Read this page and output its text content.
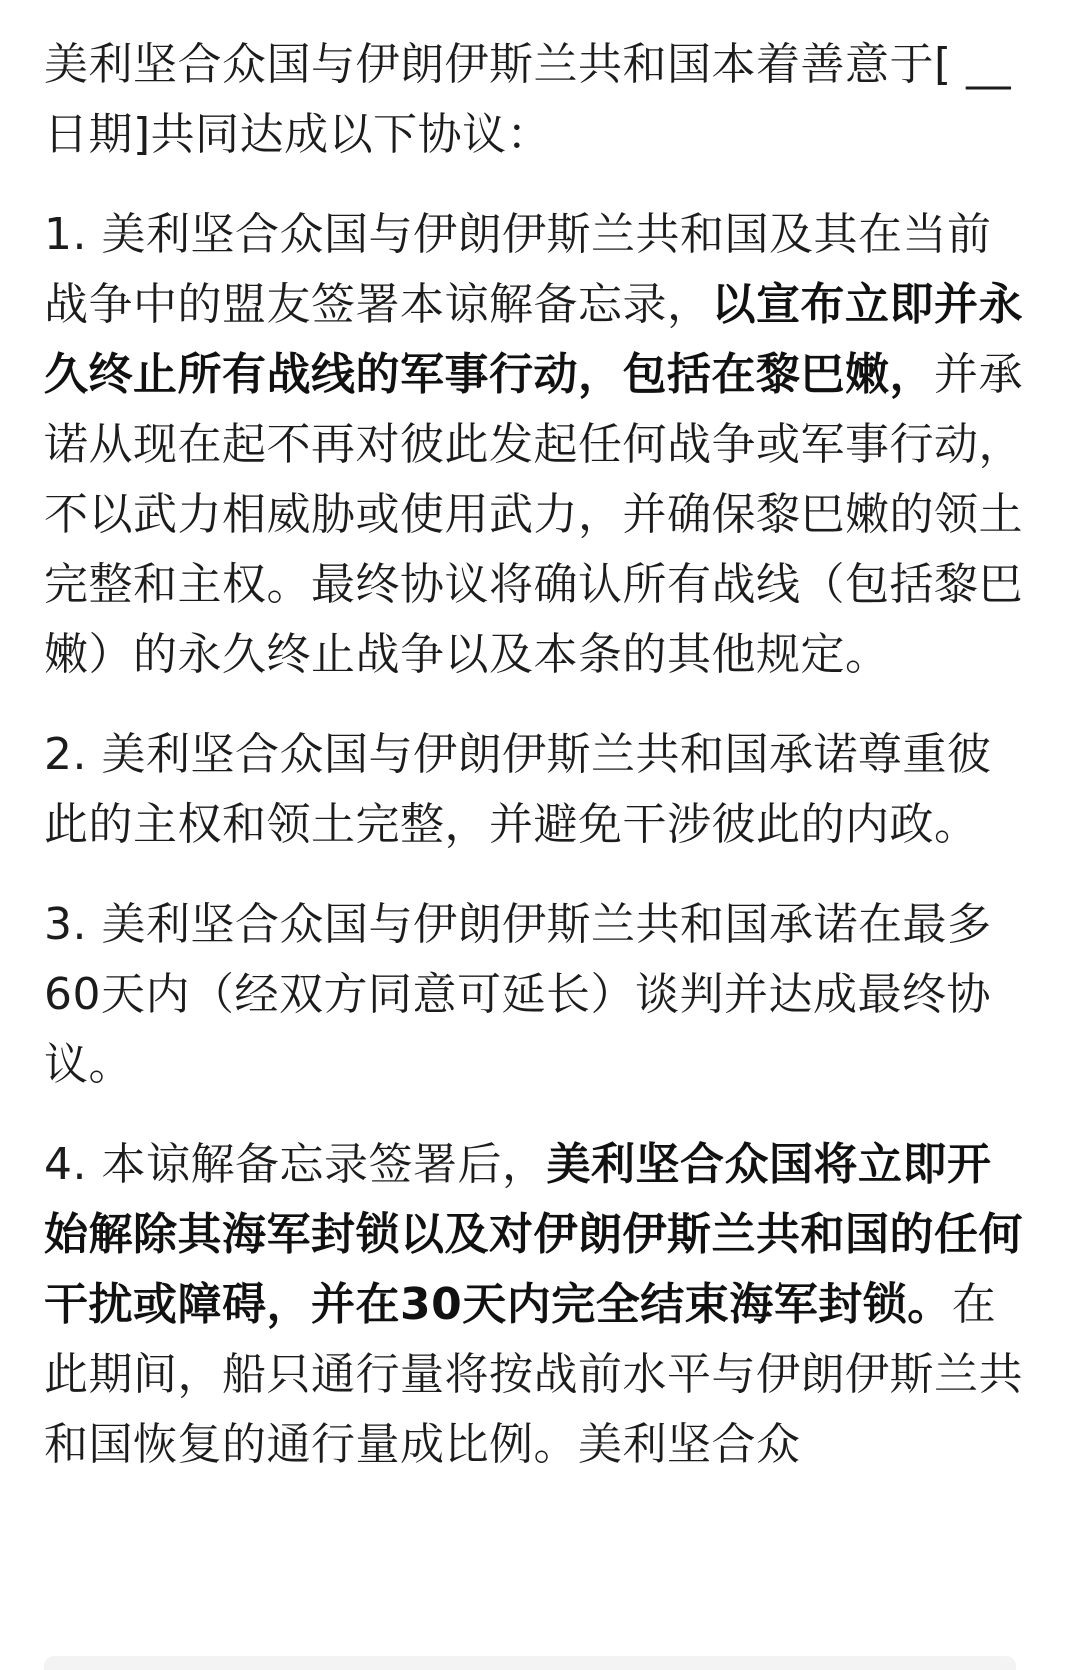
美利坚合众国与伊朗伊斯兰共和国本着善意于[ __ 日期]共同达成以下协议：

1. 美利坚合众国与伊朗伊斯兰共和国及其在当前战争中的盟友签署本谅解备忘录，以宣布立即并永久终止所有战线的军事行动，包括在黎巴嫩，并承诺从现在起不再对彼此发起任何战争或军事行动，不以武力相威胁或使用武力，并确保黎巴嫩的领土完整和主权。最终协议将确认所有战线（包括黎巴嫩）的永久终止战争以及本条的其他规定。

2. 美利坚合众国与伊朗伊斯兰共和国承诺尊重彼此的主权和领土完整，并避免干涉彼此的内政。

3. 美利坚合众国与伊朗伊斯兰共和国承诺在最多60天内（经双方同意可延长）谈判并达成最终协议。

4. 本谅解备忘录签署后，美利坚合众国将立即开始解除其海军封锁以及对伊朗伊斯兰共和国的任何干扰或障碍，并在30天内完全结束海军封锁。在此期间，船只通行量将按战前水平与伊朗伊斯兰共和国恢复的通行量成比例。美利坚合众
